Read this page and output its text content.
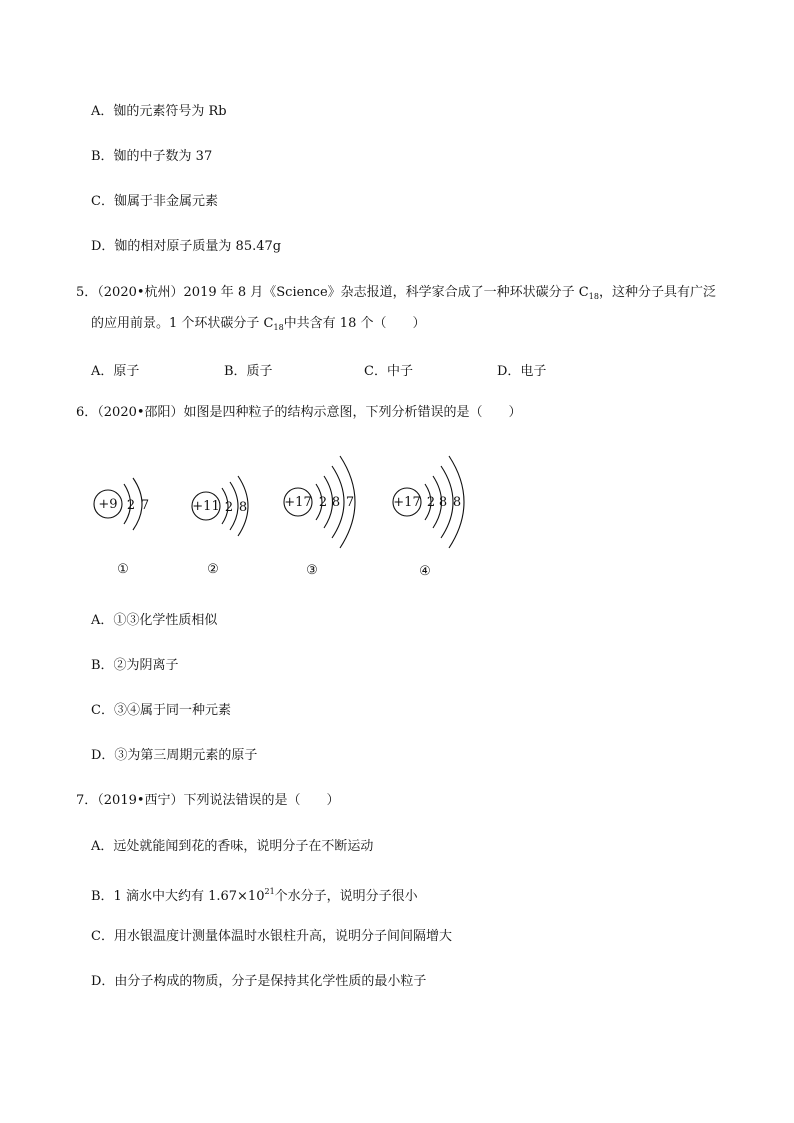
A．铷的元素符号为 Rb
B．铷的中子数为 37
C．铷属于非金属元素
D．铷的相对原子质量为 85.47g
5．（2020•杭州）2019 年 8 月《Science》杂志报道，科学家合成了一种环状碳分子 $C_{18}$，这种分子具有广泛
的应用前景。1 个环状碳分子 $C_{18}$中共含有 18 个（　　）
A．原子	B．质子	C．中子	D．电子
6．（2020•邵阳）如图是四种粒子的结构示意图，下列分析错误的是（　　）
+9 2 7
①
+11 2 8
②
+17 2 8 7
③
+17 2 8 8
④
A．①③化学性质相似
B．②为阴离子
C．③④属于同一种元素
D．③为第三周期元素的原子
7．（2019•西宁）下列说法错误的是（　　）
A．远处就能闻到花的香味，说明分子在不断运动
B．1 滴水中大约有 $1.67\times 10^{21}$个水分子，说明分子很小
C．用水银温度计测量体温时水银柱升高，说明分子间间隔增大
D．由分子构成的物质，分子是保持其化学性质的最小粒子
